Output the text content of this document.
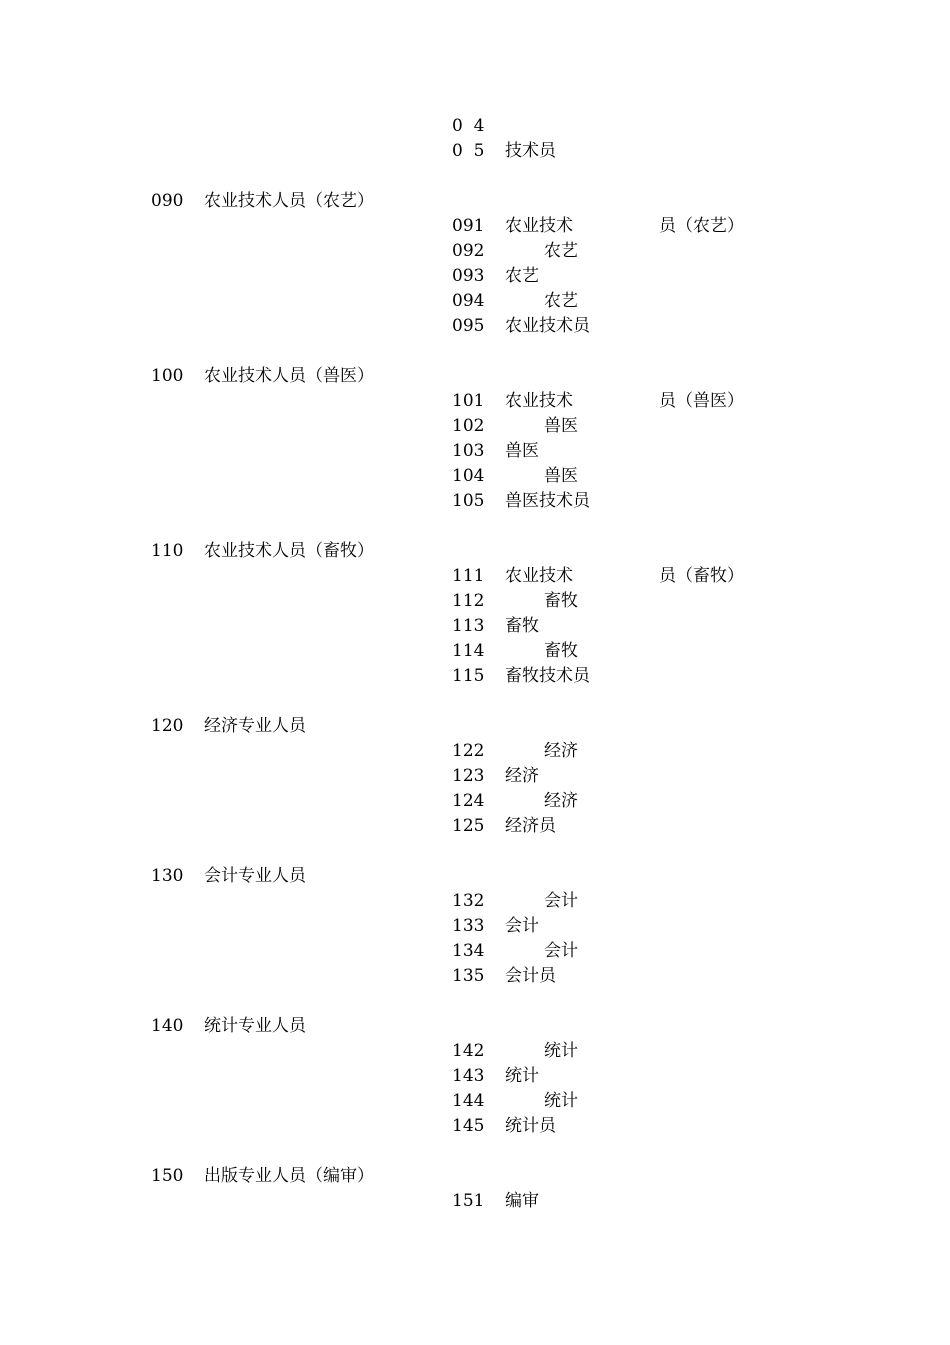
0  4
0  5 技术员
090 农业技术人员（农艺）
091 农业技术	员（农艺）
092	农艺
093 农艺
094	农艺
095 农业技术员
100 农业技术人员（兽医）
101 农业技术	员（兽医）
102	兽医
103 兽医
104	兽医
105 兽医技术员
110 农业技术人员（畜牧）
111 农业技术	员（畜牧）
112	畜牧
113 畜牧
114	畜牧
115 畜牧技术员
120 经济专业人员
122	经济
123 经济
124	经济
125 经济员
130 会计专业人员
132	会计
133 会计
134	会计
135 会计员
140 统计专业人员
142	统计
143 统计
144	统计
145 统计员
150 出版专业人员（编审）
151 编审
